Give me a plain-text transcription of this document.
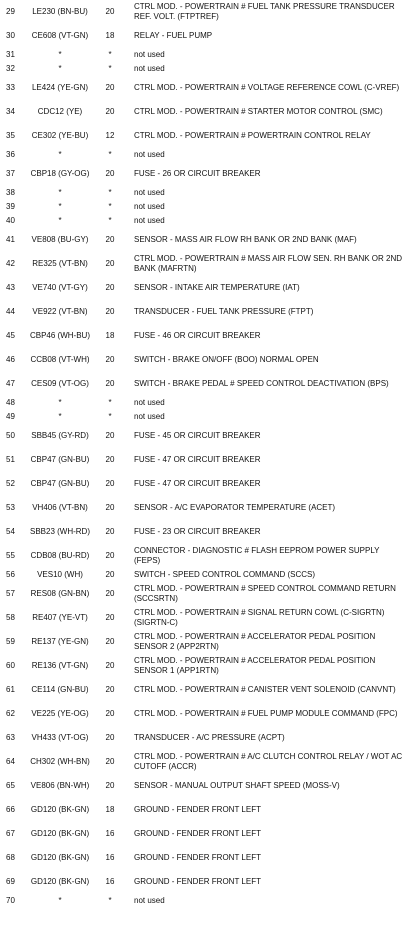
29	LE230 (BN-BU)	20	CTRL MOD. - POWERTRAIN # FUEL TANK PRESSURE TRANSDUCER REF. VOLT. (FTPTREF)
30	CE608 (VT-GN)	18	RELAY - FUEL PUMP
31	*	*	not used
32	*	*	not used
33	LE424 (YE-GN)	20	CTRL MOD. - POWERTRAIN # VOLTAGE REFERENCE COWL (C-VREF)
34	CDC12 (YE)	20	CTRL MOD. - POWERTRAIN # STARTER MOTOR CONTROL (SMC)
35	CE302 (YE-BU)	12	CTRL MOD. - POWERTRAIN # POWERTRAIN CONTROL RELAY
36	*	*	not used
37	CBP18 (GY-OG)	20	FUSE - 26 OR CIRCUIT BREAKER
38	*	*	not used
39	*	*	not used
40	*	*	not used
41	VE808 (BU-GY)	20	SENSOR - MASS AIR FLOW RH BANK OR 2ND BANK (MAF)
42	RE325 (VT-BN)	20	CTRL MOD. - POWERTRAIN # MASS AIR FLOW SEN. RH BANK OR 2ND BANK (MAFRTN)
43	VE740 (VT-GY)	20	SENSOR - INTAKE AIR TEMPERATURE (IAT)
44	VE922 (VT-BN)	20	TRANSDUCER - FUEL TANK PRESSURE (FTPT)
45	CBP46 (WH-BU)	18	FUSE - 46 OR CIRCUIT BREAKER
46	CCB08 (VT-WH)	20	SWITCH - BRAKE ON/OFF (BOO) NORMAL OPEN
47	CES09 (VT-OG)	20	SWITCH - BRAKE PEDAL # SPEED CONTROL DEACTIVATION (BPS)
48	*	*	not used
49	*	*	not used
50	SBB45 (GY-RD)	20	FUSE - 45 OR CIRCUIT BREAKER
51	CBP47 (GN-BU)	20	FUSE - 47 OR CIRCUIT BREAKER
52	CBP47 (GN-BU)	20	FUSE - 47 OR CIRCUIT BREAKER
53	VH406 (VT-BN)	20	SENSOR - A/C EVAPORATOR TEMPERATURE (ACET)
54	SBB23 (WH-RD)	20	FUSE - 23 OR CIRCUIT BREAKER
55	CDB08 (BU-RD)	20	CONNECTOR - DIAGNOSTIC # FLASH EEPROM POWER SUPPLY (FEPS)
56	VES10 (WH)	20	SWITCH - SPEED CONTROL COMMAND (SCCS)
57	RES08 (GN-BN)	20	CTRL MOD. - POWERTRAIN # SPEED CONTROL COMMAND RETURN (SCCSRTN)
58	RE407 (YE-VT)	20	CTRL MOD. - POWERTRAIN # SIGNAL RETURN COWL (C-SIGRTN) (SIGRTN-C)
59	RE137 (YE-GN)	20	CTRL MOD. - POWERTRAIN # ACCELERATOR PEDAL POSITION SENSOR 2 (APP2RTN)
60	RE136 (VT-GN)	20	CTRL MOD. - POWERTRAIN # ACCELERATOR PEDAL POSITION SENSOR 1 (APP1RTN)
61	CE114 (GN-BU)	20	CTRL MOD. - POWERTRAIN # CANISTER VENT SOLENOID (CANVNT)
62	VE225 (YE-OG)	20	CTRL MOD. - POWERTRAIN # FUEL PUMP MODULE COMMAND (FPC)
63	VH433 (VT-OG)	20	TRANSDUCER - A/C PRESSURE (ACPT)
64	CH302 (WH-BN)	20	CTRL MOD. - POWERTRAIN # A/C CLUTCH CONTROL RELAY / WOT AC CUTOFF (ACCR)
65	VE806 (BN-WH)	20	SENSOR - MANUAL OUTPUT SHAFT SPEED (MOSS-V)
66	GD120 (BK-GN)	18	GROUND - FENDER FRONT LEFT
67	GD120 (BK-GN)	16	GROUND - FENDER FRONT LEFT
68	GD120 (BK-GN)	16	GROUND - FENDER FRONT LEFT
69	GD120 (BK-GN)	16	GROUND - FENDER FRONT LEFT
70	*	*	not used
